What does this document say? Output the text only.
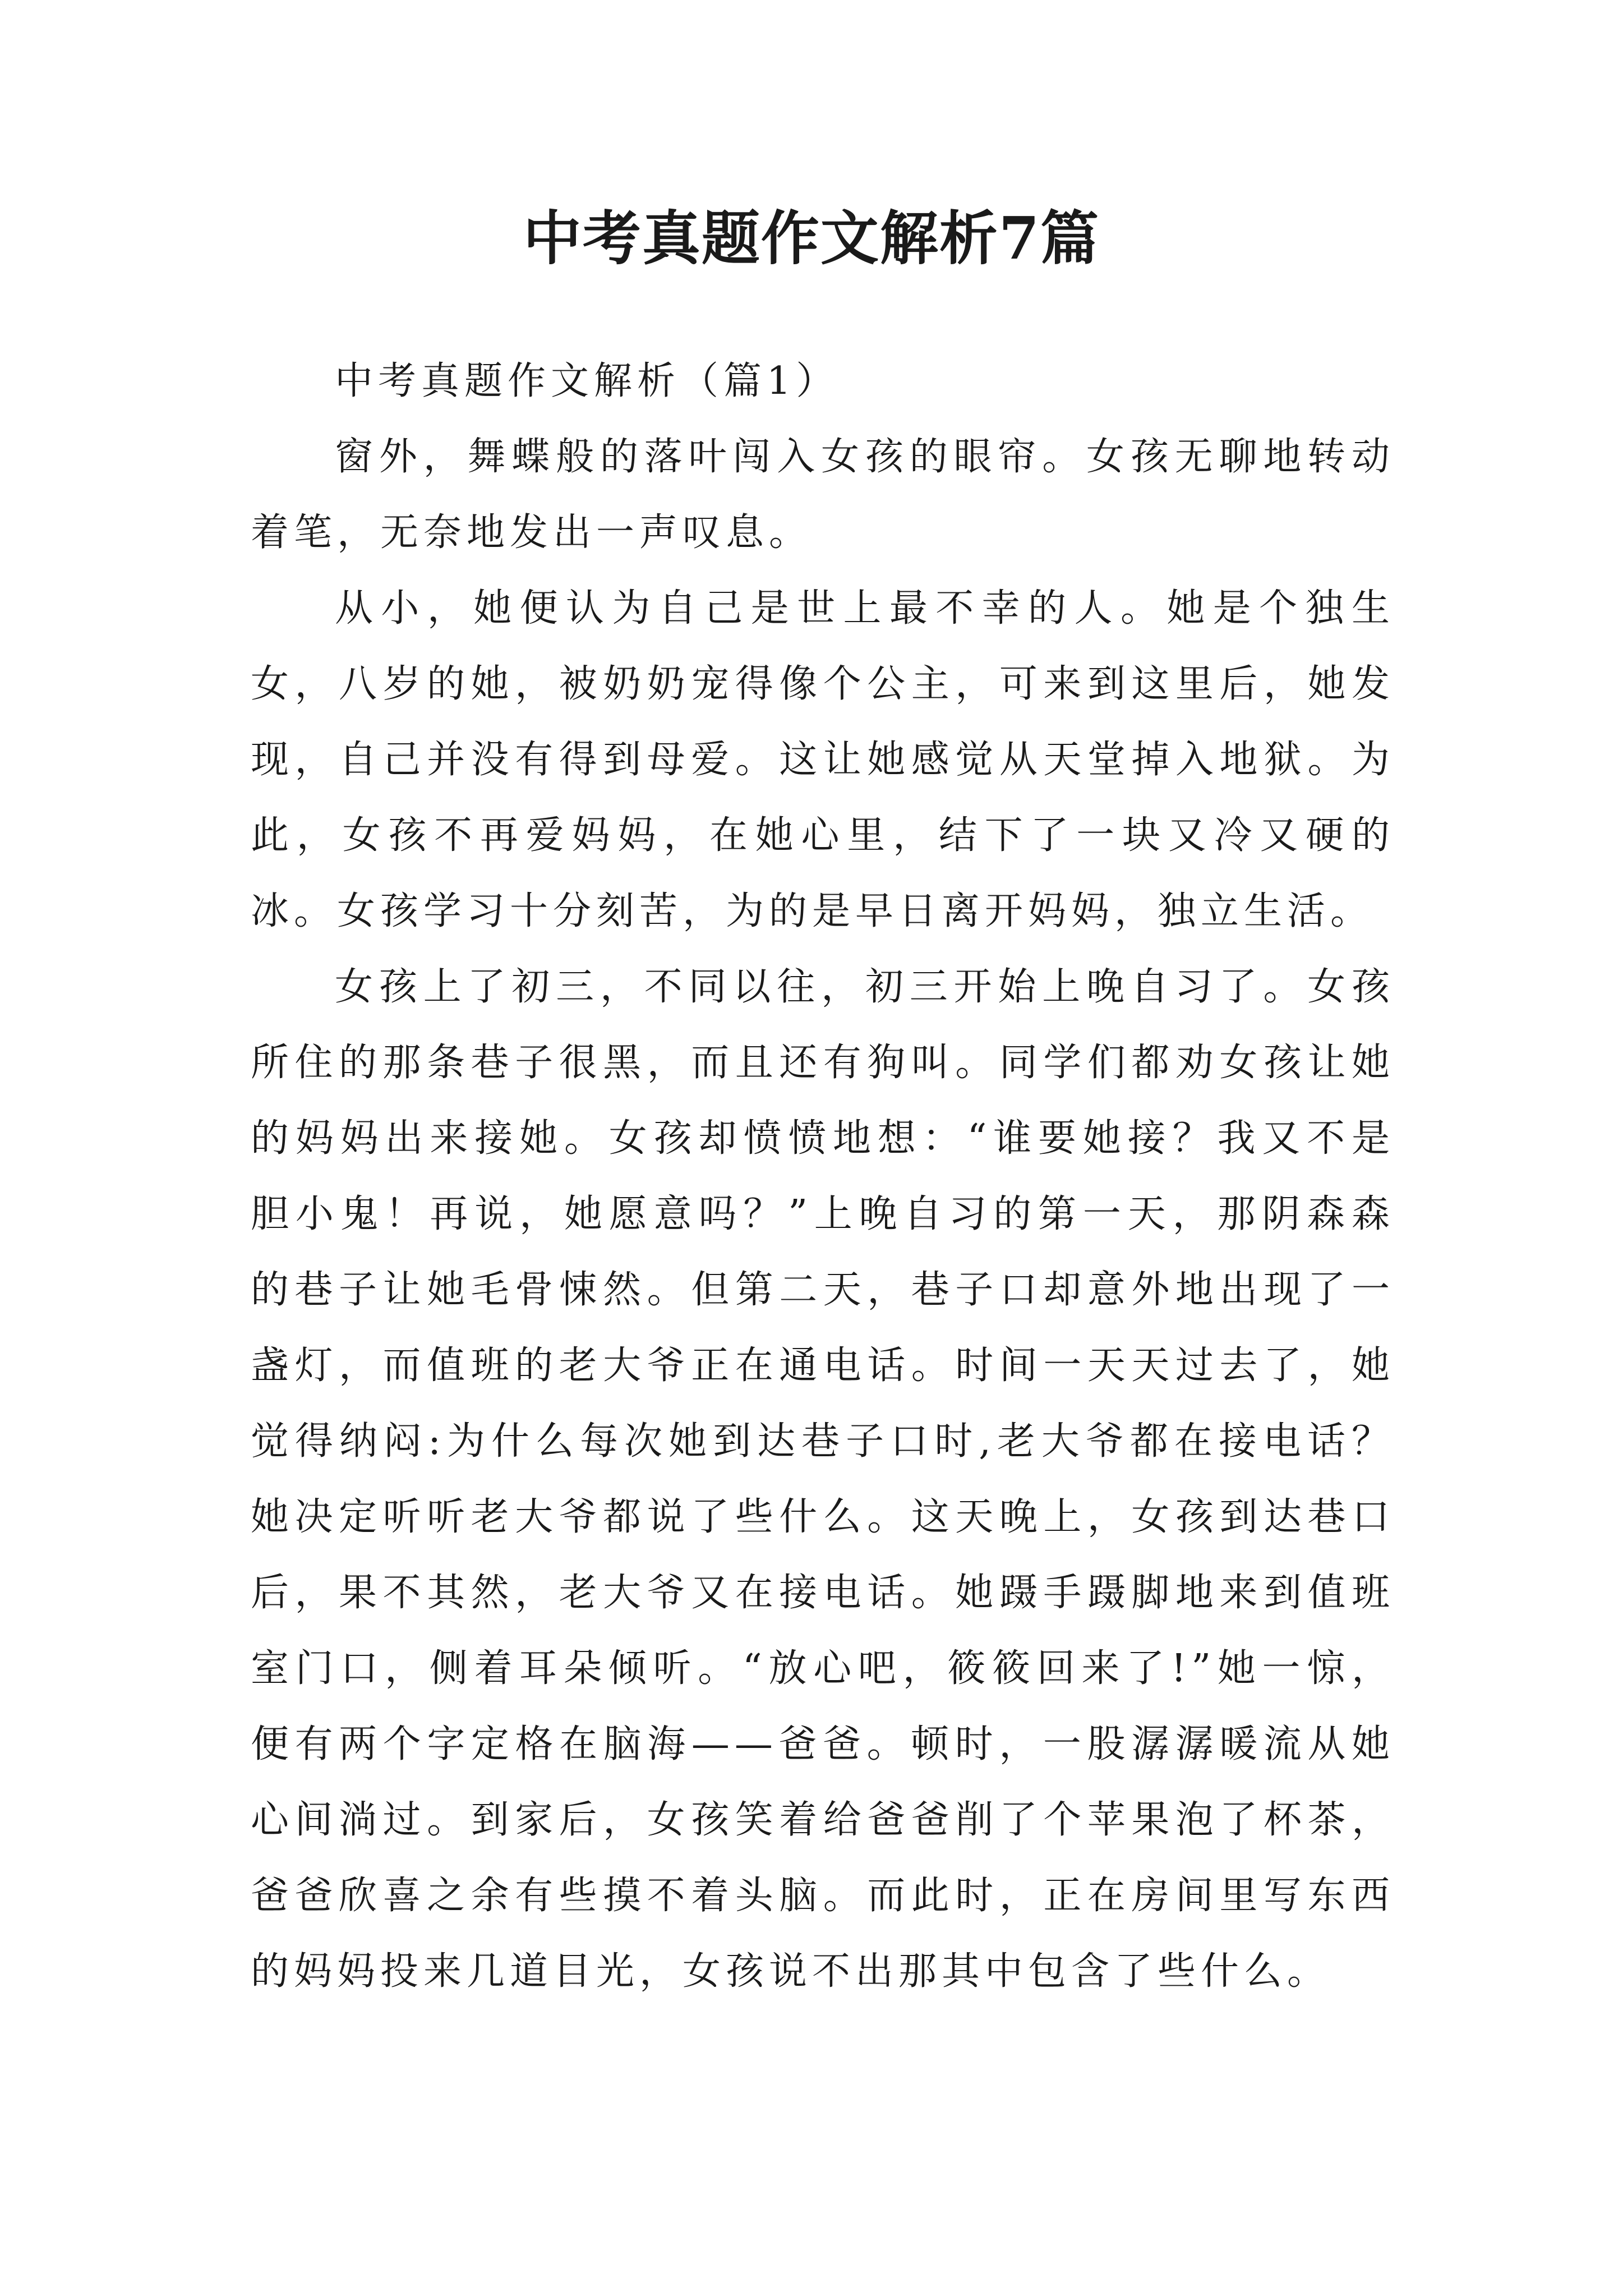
中考真题作文解析7篇

中考真题作文解析（篇1）

窗外，舞蝶般的落叶闯入女孩的眼帘。女孩无聊地转动着笔，无奈地发出一声叹息。

从小，她便认为自己是世上最不幸的人。她是个独生女，八岁的她，被奶奶宠得像个公主，可来到这里后，她发现，自己并没有得到母爱。这让她感觉从天堂掉入地狱。为此，女孩不再爱妈妈，在她心里，结下了一块又冷又硬的冰。女孩学习十分刻苦，为的是早日离开妈妈，独立生活。

女孩上了初三，不同以往，初三开始上晚自习了。女孩所住的那条巷子很黑，而且还有狗叫。同学们都劝女孩让她的妈妈出来接她。女孩却愤愤地想：“谁要她接？我又不是胆小鬼！再说，她愿意吗？”上晚自习的第一天，那阴森森的巷子让她毛骨悚然。但第二天，巷子口却意外地出现了一盏灯，而值班的老大爷正在通电话。时间一天天过去了，她觉得纳闷:为什么每次她到达巷子口时,老大爷都在接电话？她决定听听老大爷都说了些什么。这天晚上，女孩到达巷口后，果不其然，老大爷又在接电话。她蹑手蹑脚地来到值班室门口，侧着耳朵倾听。“放心吧，筱筱回来了!”她一惊，便有两个字定格在脑海——爸爸。顿时，一股潺潺暖流从她心间淌过。到家后，女孩笑着给爸爸削了个苹果泡了杯茶，爸爸欣喜之余有些摸不着头脑。而此时，正在房间里写东西的妈妈投来几道目光，女孩说不出那其中包含了些什么。
